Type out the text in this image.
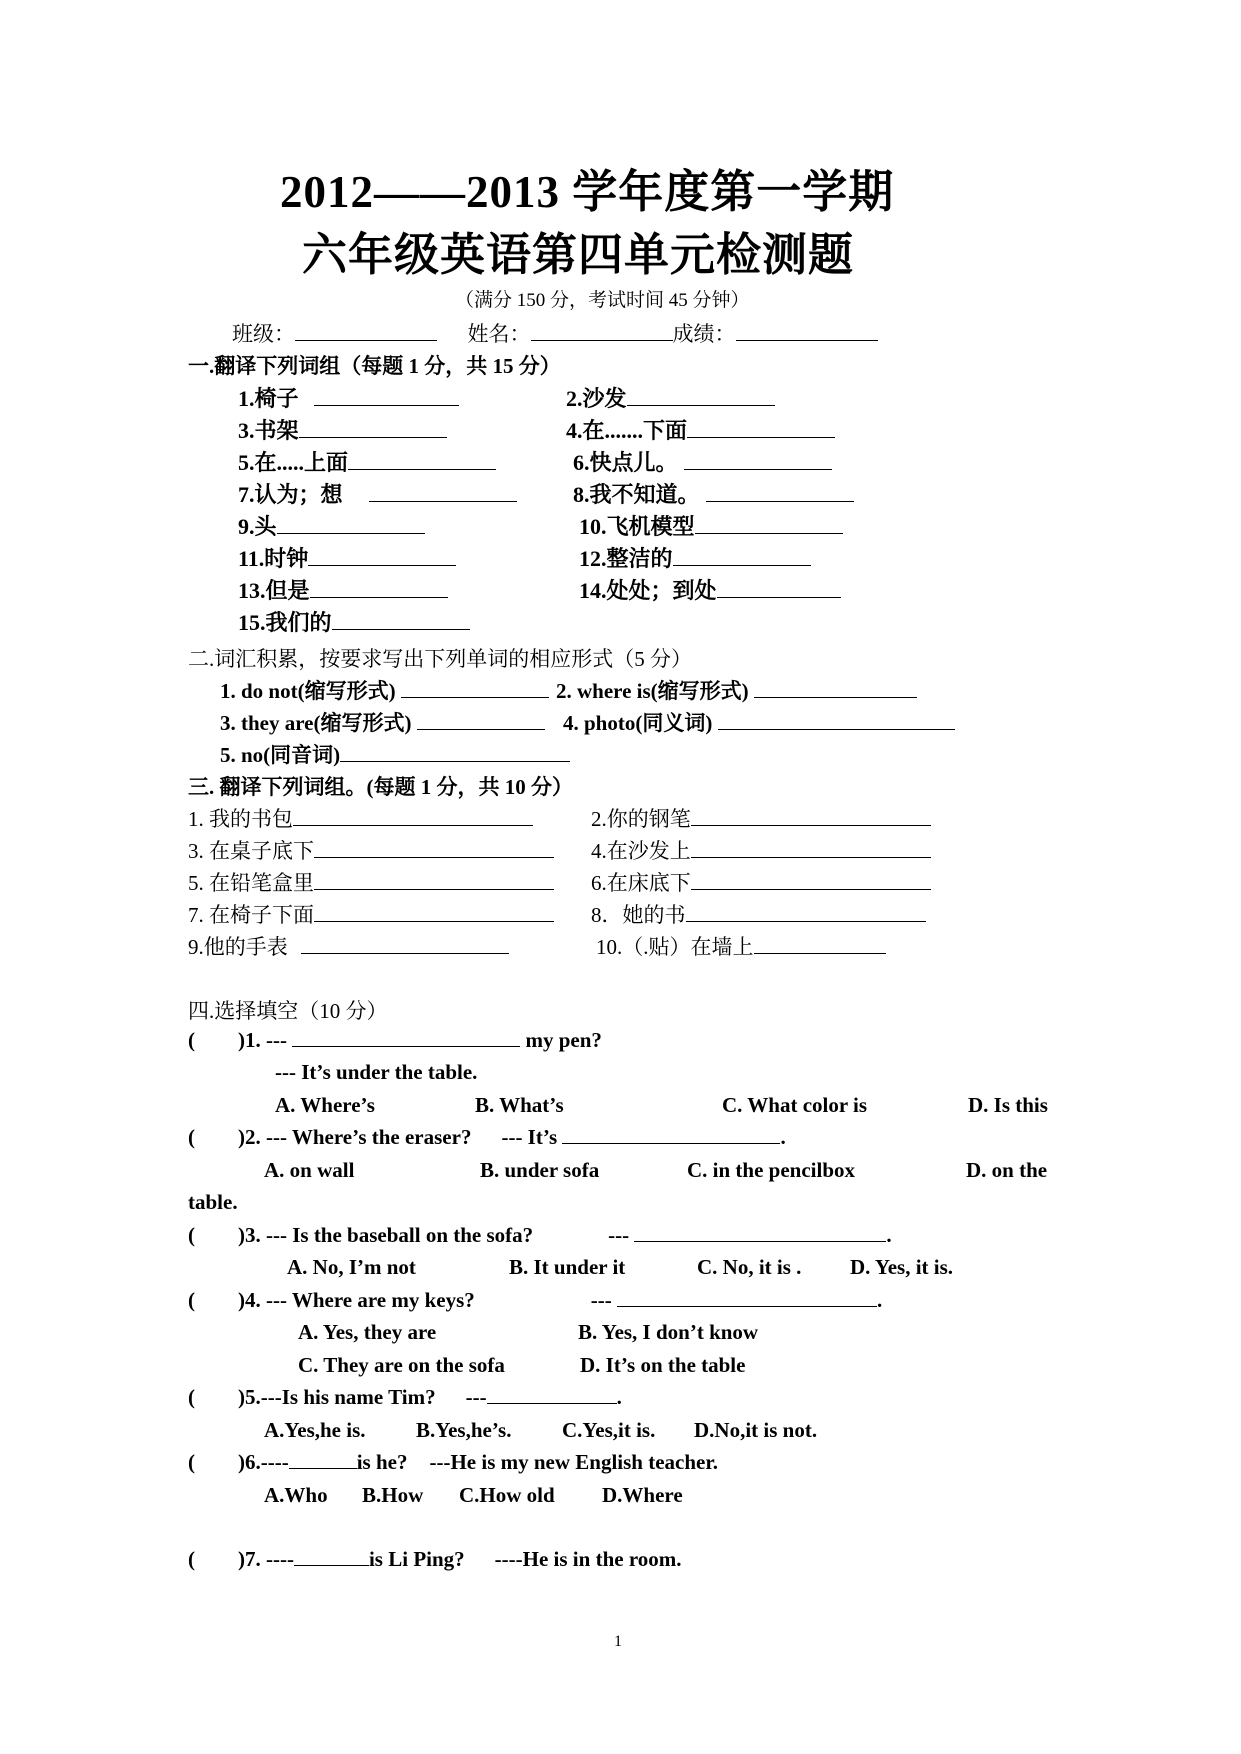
2012——2013 学年度第一学期
六年级英语第四单元检测题
（满分 150 分，考试时间 45 分钟）
班级：	姓名：	成绩：
一.翻译下列词组（每题 1 分，共 15 分）
1.椅子	2.沙发
3.书架	4.在.......下面
5.在.....上面	6.快点儿。
7.认为；想	8.我不知道。
9.头	10.飞机模型
11.时钟	12.整洁的
13.但是	14.处处；到处
15.我们的
二.词汇积累，按要求写出下列单词的相应形式（5 分）
1. do not(缩写形式)	2. where is(缩写形式)
3. they are(缩写形式)	4. photo(同义词)
5. no(同音词)
三. 翻译下列词组。(每题 1 分，共 10 分）
1. 我的书包	2.你的钢笔
3. 在桌子底下	4.在沙发上
5. 在铅笔盒里	6.在床底下
7. 在椅子下面	8．她的书
9.他的手表	10.（.贴）在墙上
四.选择填空（10 分）
( )1. ---	my pen?
--- It’s under the table.
A. Where’s	B. What’s	C. What color is	D. Is this
( )2. --- Where’s the eraser? --- It’s	.
A. on wall	B. under sofa	C. in the pencilbox	D. on the
table.
( )3. --- Is the baseball on the sofa?	---	.
A. No, I’m not	B. It under it	C. No, it is . D. Yes, it is.
( )4. --- Where are my keys?	---	.
A. Yes, they are	B. Yes, I don’t know
C. They are on the sofa	D. It’s on the table
( )5.---Is his name Tim? ---	.
A.Yes,he is. B.Yes,he’s. C.Yes,it is. D.No,it is not.
( )6.----	is he? ---He is my new English teacher.
A.Who B.How C.How old D.Where
( )7. ----	is Li Ping? ----He is in the room.
1
